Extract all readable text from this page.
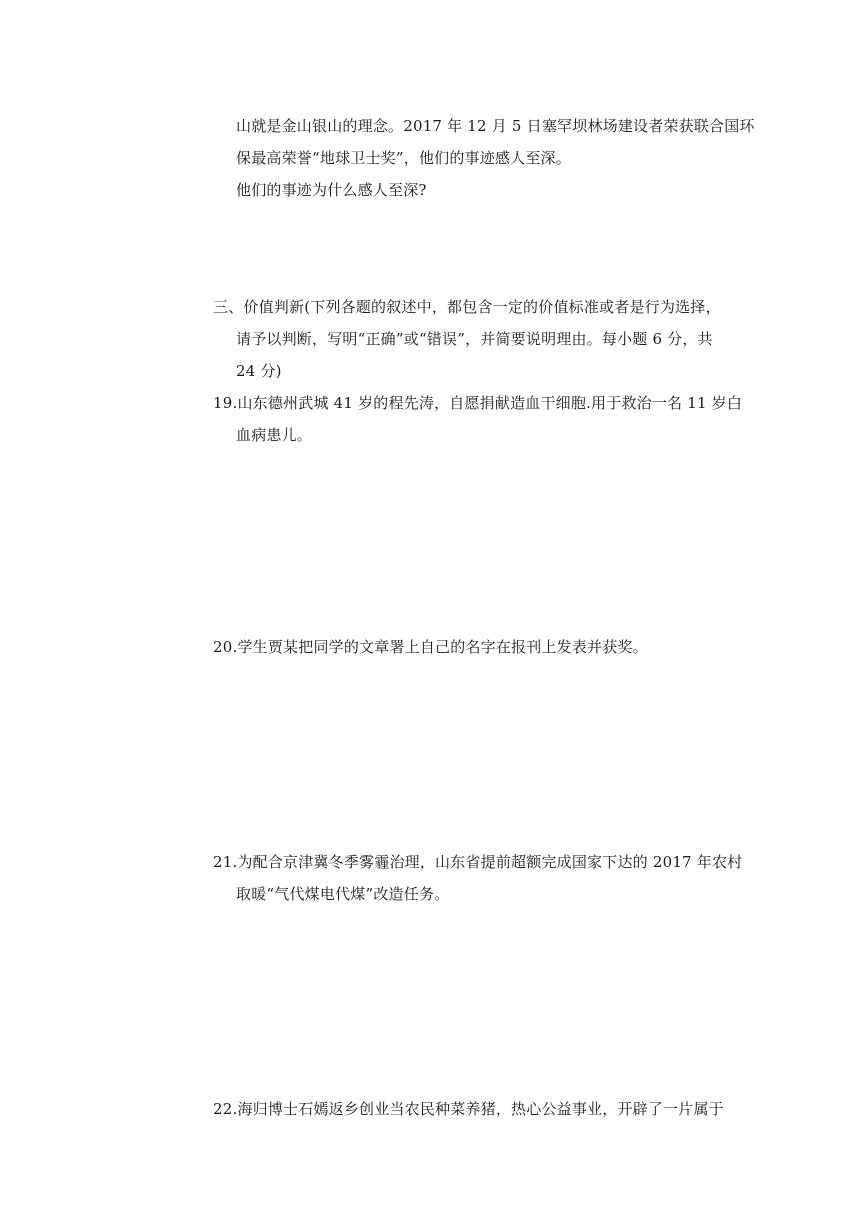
山就是金山银山的理念。2017 年 12 月 5 日塞罕坝林场建设者荣获联合国环
保最高荣誉“地球卫士奖”，他们的事迹感人至深。
他们的事迹为什么感人至深?
三、价值判新(下列各题的叙述中，都包含一定的价值标准或者是行为选择，
请予以判断，写明“正确”或“错误”，并简要说明理由。每小题 6 分，共
24 分)
19.山东德州武城 41 岁的程先涛，自愿捐献造血干细胞.用于救治一名 11 岁白
血病患儿。
20.学生贾某把同学的文章署上自己的名字在报刊上发表并获奖。
21.为配合京津冀冬季雾霾治理，山东省提前超额完成国家下达的 2017 年农村
取暖“气代煤电代煤”改造任务。
22.海归博士石嫣返乡创业当农民种菜养猪，热心公益事业，开辟了一片属于
